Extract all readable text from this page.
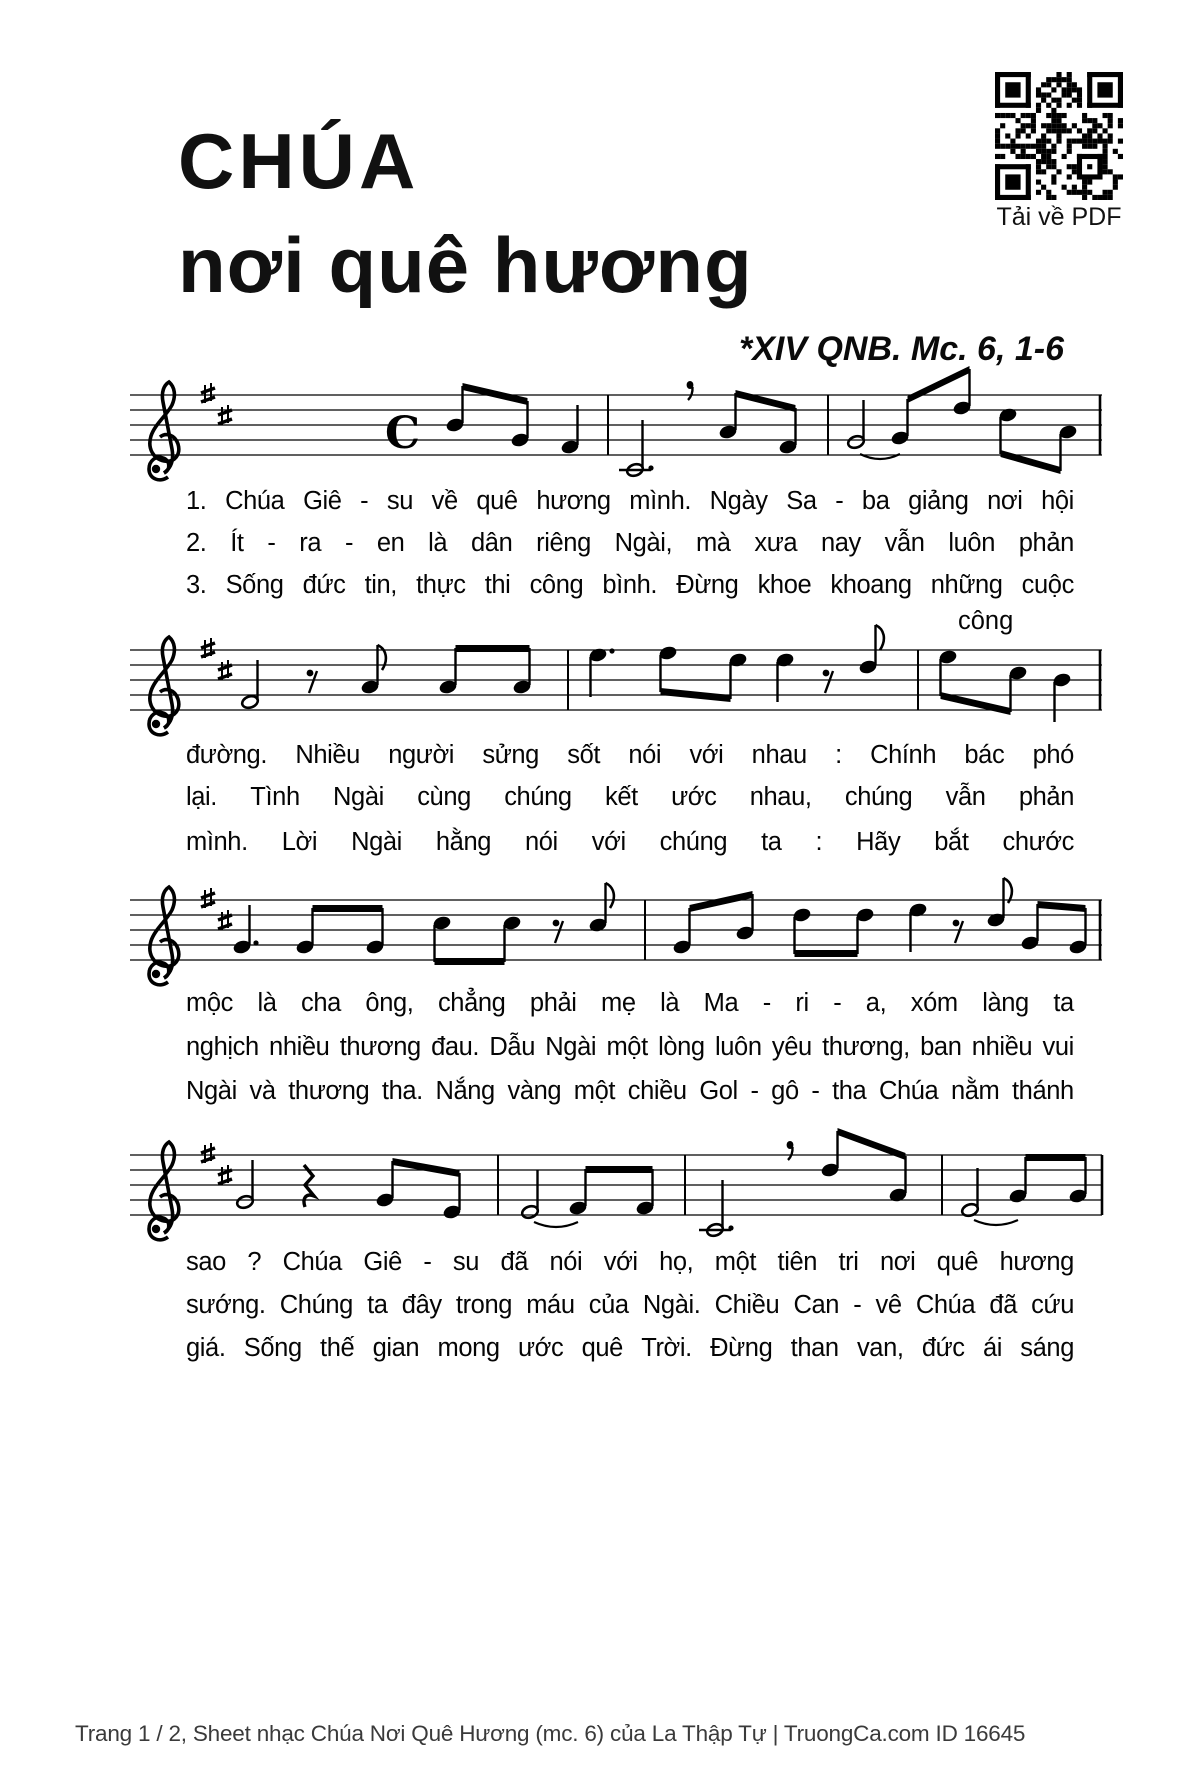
CHÚA
nơi quê hương
*XIV QNB. Mc. 6, 1-6
Tải về PDF
C
1. Chúa Giê - su về quê hương mình. Ngày Sa - ba giảng nơi hội
2. Ít - ra - en là dân riêng Ngài, mà xưa nay vẫn luôn phản
3. Sống đức tin, thực thi công bình. Đừng khoe khoang những cuộc
công
đường. Nhiều người sửng sốt nói với nhau : Chính bác phó
lại. Tình Ngài cùng chúng kết ước nhau, chúng vẫn phản
mình. Lời Ngài hằng nói với chúng ta : Hãy bắt chước
mộc là cha ông, chẳng phải mẹ là Ma - ri - a, xóm làng ta
nghịch nhiều thương đau. Dẫu Ngài một lòng luôn yêu thương, ban nhiều vui
Ngài và thương tha. Nắng vàng một chiều Gol - gô - tha Chúa nằm thánh
sao ? Chúa Giê - su đã nói với họ, một tiên tri nơi quê hương
sướng. Chúng ta đây trong máu của Ngài. Chiều Can - vê Chúa đã cứu
giá. Sống thế gian mong ước quê Trời. Đừng than van, đức ái sáng
Trang 1 / 2, Sheet nhạc Chúa Nơi Quê Hương (mc. 6) của La Thập Tự | TruongCa.com ID 16645
